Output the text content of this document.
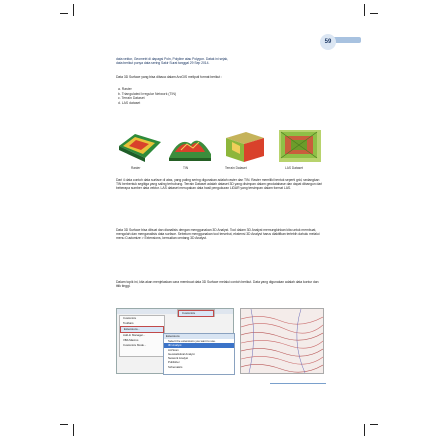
59
data vektor, Geometri di dapagsi Poln, Polyline atau Polygon. Datak ini sejak,
data berikut punya data sering Sakir Surat tanggal 29 Sep 2014.
Data 3D Surface yang bisa dibaca dalam ArcGIS meliputi format berikut :
a. Raster
b. Triangulated Irregular Network (TIN)
c. Terrain Dataset
d. LAS dataset
Raster	TIN	Terrain Dataset	LAS Dataset
Dari 4 data contoh data surface di atas, yang paling sering digunakan adalah raster dan TIN. Raster memiliki bentuk seperti grid, sedangkan TIN berbentuk segitiga yang saling terhubung. Terrain Dataset adalah dataset 3D yang disimpan dalam geodatabase dan dapat dibangun dari beberapa sumber data vektor. LAS dataset merupakan data hasil pengukuran LiDAR yang tersimpan dalam format LAS.
Data 3D Surface bisa dibuat dan dianalisis dengan menggunakan 3D Analyst. Tool dalam 3D Analyst memungkinkan kita untuk membuat, mengolah dan menganalisis data surface. Sebelum menggunakan tool tersebut, ekstensi 3D Analyst harus diaktifkan terlebih dahulu melalui menu Customize > Extensions, kemudian centang 3D Analyst.
Dalam topik ini, kita akan menjelaskan cara membuat data 3D Surface melalui contoh berikut. Data yang digunakan adalah data kontur dan titik tinggi.
Customize
Customize
Toolbars
Extensions...
Add-In Manager...
VBA Macros
Customize Mode...
Extensions
Select the extensions you want to use.
3D Analyst
ArcScan
Geostatistical Analyst
Network Analyst
Publisher
Schematics
